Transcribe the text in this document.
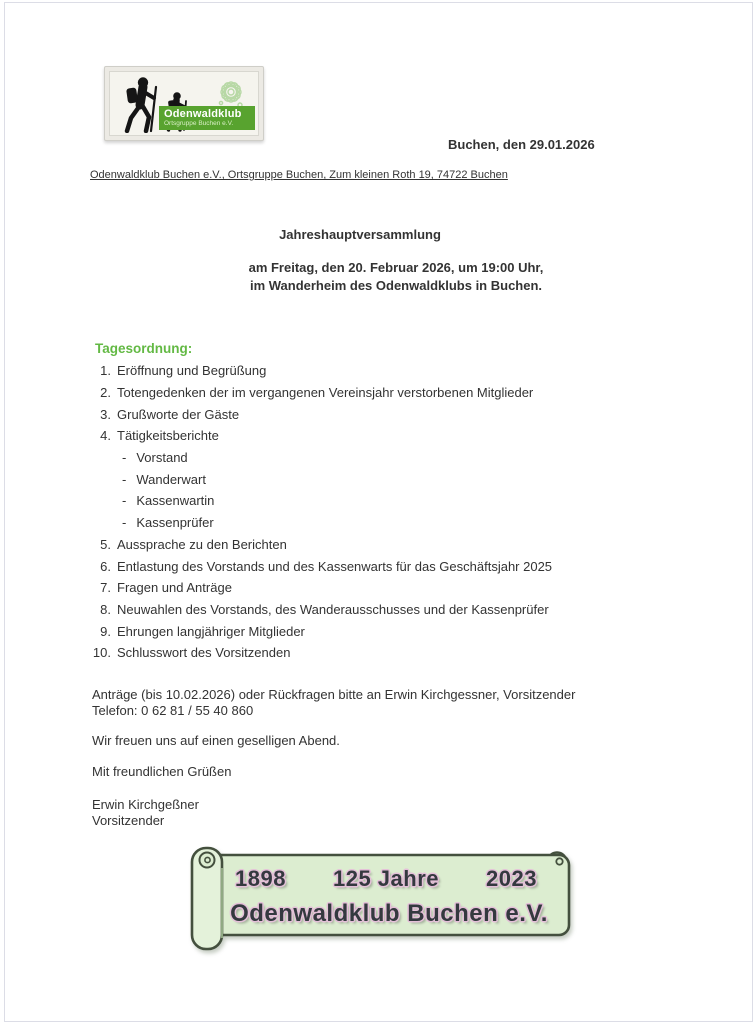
Odenwaldklub
Ortsgruppe Buchen e.V.
Buchen, den 29.01.2026
Odenwaldklub Buchen e.V., Ortsgruppe Buchen, Zum kleinen Roth 19, 74722 Buchen
Jahreshauptversammlung
am Freitag, den 20. Februar 2026, um 19:00 Uhr,
im Wanderheim des Odenwaldklubs in Buchen.
Tagesordnung:
1. Eröffnung und Begrüßung
2. Totengedenken der im vergangenen Vereinsjahr verstorbenen Mitglieder
3. Grußworte der Gäste
4. Tätigkeitsberichte
- Vorstand
- Wanderwart
- Kassenwartin
- Kassenprüfer
5. Aussprache zu den Berichten
6. Entlastung des Vorstands und des Kassenwarts für das Geschäftsjahr 2025
7. Fragen und Anträge
8. Neuwahlen des Vorstands, des Wanderausschusses und der Kassenprüfer
9. Ehrungen langjähriger Mitglieder
10. Schlusswort des Vorsitzenden
Anträge (bis 10.02.2026) oder Rückfragen bitte an Erwin Kirchgessner, Vorsitzender
Telefon: 0 62 81 / 55 40 860
Wir freuen uns auf einen geselligen Abend.
Mit freundlichen Grüßen
Erwin Kirchgeßner
Vorsitzender
1898 125 Jahre 2023
Odenwaldklub Buchen e.V.
